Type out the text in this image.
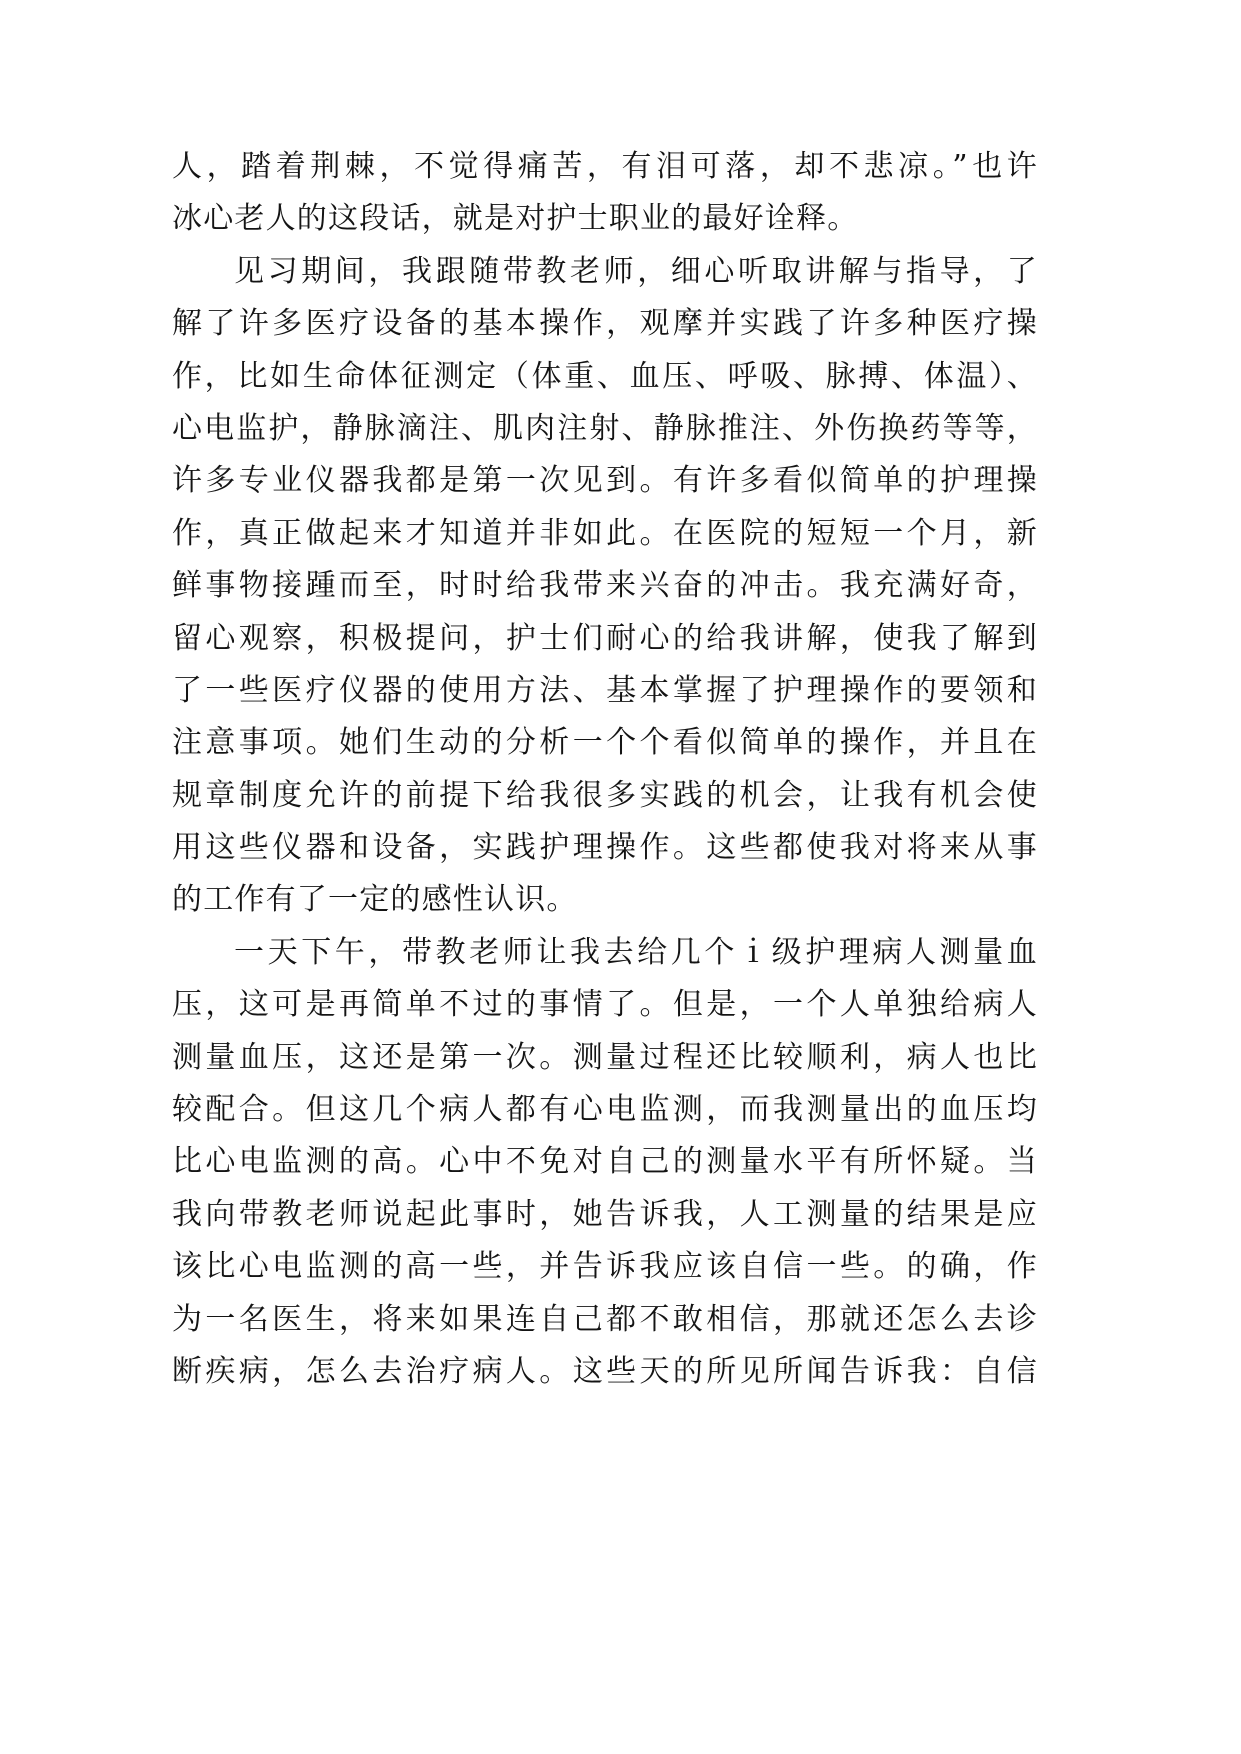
人，踏着荆棘，不觉得痛苦，有泪可落，却不悲凉。”也许
冰心老人的这段话，就是对护士职业的最好诠释。
见习期间，我跟随带教老师，细心听取讲解与指导，了
解了许多医疗设备的基本操作，观摩并实践了许多种医疗操
作，比如生命体征测定（体重、血压、呼吸、脉搏、体温）、
心电监护，静脉滴注、肌肉注射、静脉推注、外伤换药等等，
许多专业仪器我都是第一次见到。有许多看似简单的护理操
作，真正做起来才知道并非如此。在医院的短短一个月，新
鲜事物接踵而至，时时给我带来兴奋的冲击。我充满好奇，
留心观察，积极提问，护士们耐心的给我讲解，使我了解到
了一些医疗仪器的使用方法、基本掌握了护理操作的要领和
注意事项。她们生动的分析一个个看似简单的操作，并且在
规章制度允许的前提下给我很多实践的机会，让我有机会使
用这些仪器和设备，实践护理操作。这些都使我对将来从事
的工作有了一定的感性认识。
一天下午，带教老师让我去给几个ｉ级护理病人测量血
压，这可是再简单不过的事情了。但是，一个人单独给病人
测量血压，这还是第一次。测量过程还比较顺利，病人也比
较配合。但这几个病人都有心电监测，而我测量出的血压均
比心电监测的高。心中不免对自己的测量水平有所怀疑。当
我向带教老师说起此事时，她告诉我，人工测量的结果是应
该比心电监测的高一些，并告诉我应该自信一些。的确，作
为一名医生，将来如果连自己都不敢相信，那就还怎么去诊
断疾病，怎么去治疗病人。这些天的所见所闻告诉我：自信
